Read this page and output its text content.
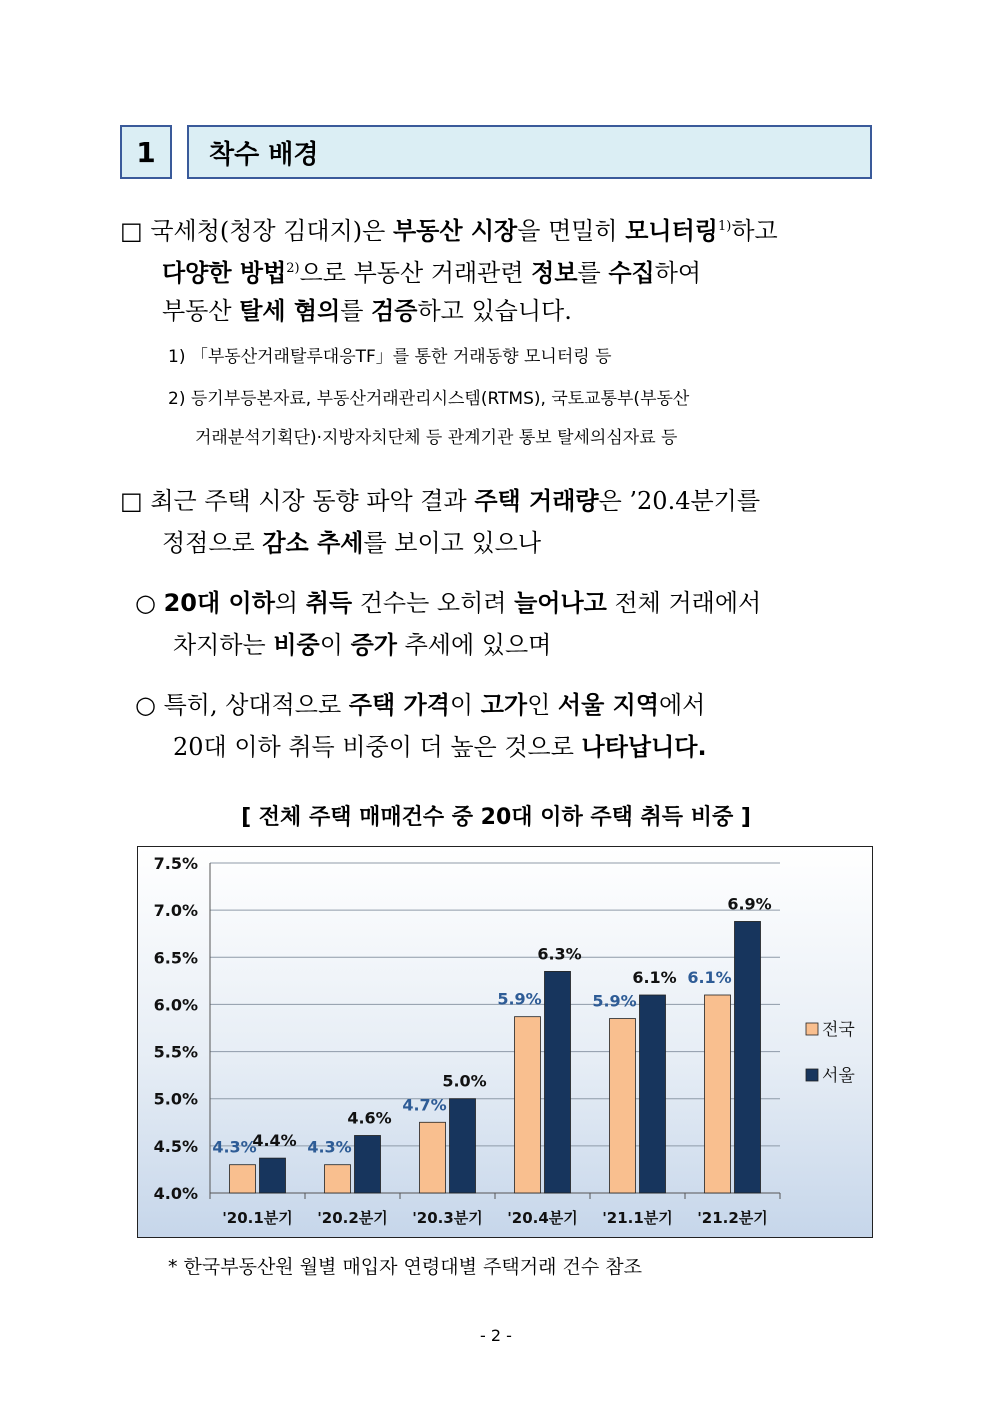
1	착수 배경
□ 국세청(청장 김대지)은 부동산 시장을 면밀히 모니터링$^{1)}$하고
다양한 방법$^{2)}$으로 부동산 거래관련 정보를 수집하여
부동산 탈세 혐의를 검증하고 있습니다.
1) 「부동산거래탈루대응TF」를 통한 거래동향 모니터링 등
2) 등기부등본자료, 부동산거래관리시스템(RTMS), 국토교통부(부동산
거래분석기획단)·지방자치단체 등 관계기관 통보 탈세의심자료 등
□ 최근 주택 시장 동향 파악 결과 주택 거래량은 ’20.4분기를
정점으로 감소 추세를 보이고 있으나
○ 20대 이하의 취득 건수는 오히려 늘어나고 전체 거래에서
차지하는 비중이 증가 추세에 있으며
○ 특히, 상대적으로 주택 가격이 고가인 서울 지역에서
20대 이하 취득 비중이 더 높은 것으로 나타납니다.
[ 전체 주택 매매건수 중 20대 이하 주택 취득 비중 ]
4.0%
4.5%
5.0%
5.5%
6.0%
6.5%
7.0%
7.5%
'20.1분기
4.3%
4.4%
'20.2분기
4.3%
4.6%
'20.3분기
4.7%
5.0%
'20.4분기
5.9%
6.3%
'21.1분기
5.9%
6.1%
'21.2분기
6.1%
6.9%
전국
서울
* 한국부동산원 월별 매입자 연령대별 주택거래 건수 참조
- 2 -
